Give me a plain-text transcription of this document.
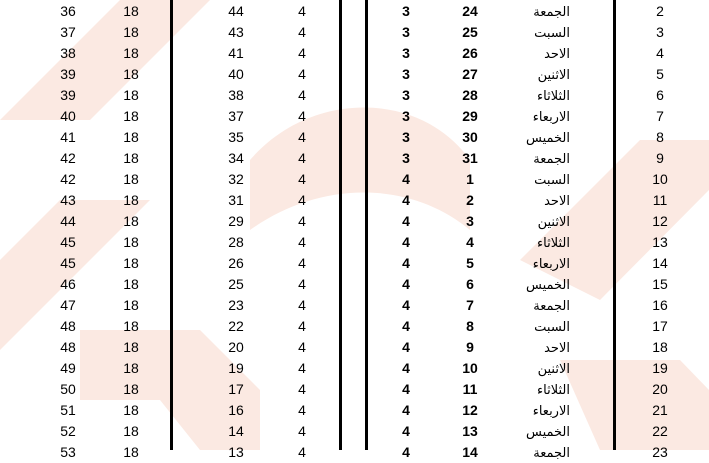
36	18	44	4	3	24	الجمعة	2
37	18	43	4	3	25	السبت	3
38	18	41	4	3	26	الاحد	4
39	18	40	4	3	27	الاثنين	5
39	18	38	4	3	28	الثلاثاء	6
40	18	37	4	3	29	الاربعاء	7
41	18	35	4	3	30	الخميس	8
42	18	34	4	3	31	الجمعة	9
42	18	32	4	4	1	السبت	10
43	18	31	4	4	2	الاحد	11
44	18	29	4	4	3	الاثنين	12
45	18	28	4	4	4	الثلاثاء	13
45	18	26	4	4	5	الاربعاء	14
46	18	25	4	4	6	الخميس	15
47	18	23	4	4	7	الجمعة	16
48	18	22	4	4	8	السبت	17
48	18	20	4	4	9	الاحد	18
49	18	19	4	4	10	الاثنين	19
50	18	17	4	4	11	الثلاثاء	20
51	18	16	4	4	12	الاربعاء	21
52	18	14	4	4	13	الخميس	22
53	18	13	4	4	14	الجمعة	23
